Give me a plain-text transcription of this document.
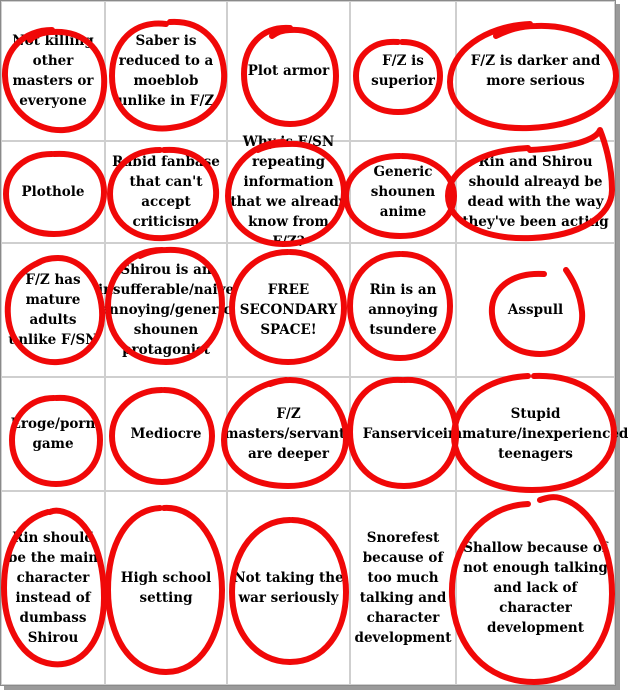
Not killing other masters or everyone
Saber is reduced to a moeblob unlike in F/Z
Plot armor
F/Z is superior
F/Z is darker and more serious
Plothole
Rabid fanbase that can't accept criticism
Why is F/SN repeating information that we already know from F/Z?
Generic shounen anime
Rin and Shirou should alreayd be dead with the way they've been acting
F/Z has mature adults unlike F/SN
Shirou is an insufferable/naive annoying/generic shounen protagonist
FREE SECONDARY SPACE!
Rin is an annoying tsundere
Asspull
Eroge/porn game
Mediocre
F/Z masters/servants are deeper
Fanservice
Stupid immature/inexperienced teenagers
Rin should be the main character instead of dumbass Shirou
High school setting
Not taking the war seriously
Snorefest because of too much talking and character development
Shallow because of not enough talking and lack of character development
